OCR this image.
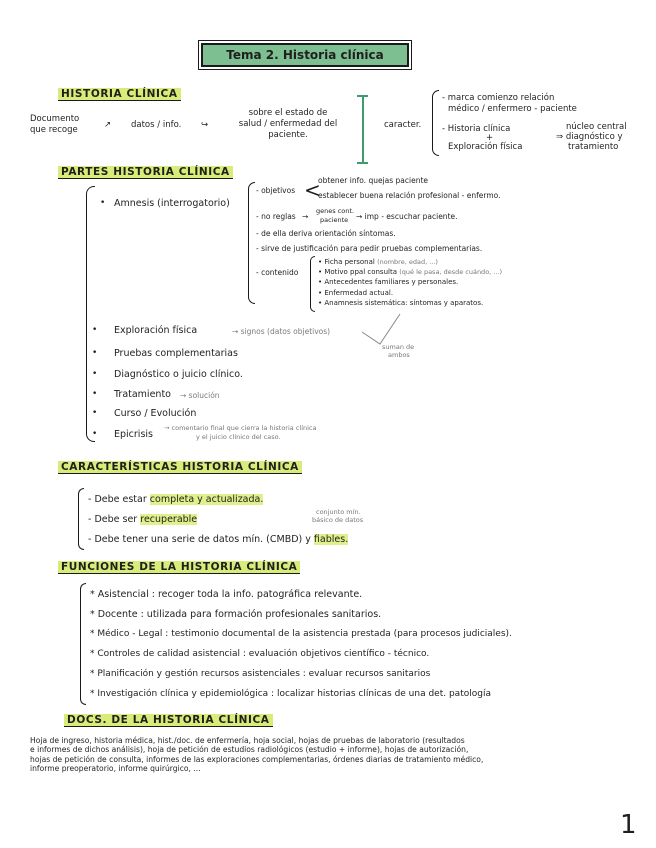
Tema 2. Historia clínica
HISTORIA CLÍNICA
Documento
que recoge	↗ datos / info. ↪
sobre el estado de
salud / enfermedad del
paciente.
caracter.
- marca comienzo relación
médico / enfermero - paciente
- Historia clínica
+
Exploración física
núcleo central
⇒ diagnóstico y
tratamiento
PARTES HISTORIA CLÍNICA
• Amnesis (interrogatorio)
- objetivos <
obtener info. quejas paciente
establecer buena relación profesional - enfermo.
- no reglas →
genes cont.
paciente → imp - escuchar paciente.
- de ella deriva orientación síntomas.
- sirve de justificación para pedir pruebas complementarias.
- contenido
• Ficha personal (nombre, edad, ...)
• Motivo ppal consulta (qué le pasa, desde cuándo, ...)
• Antecedentes familiares y personales.
• Enfermedad actual.
• Anamnesis sistemática: síntomas y aparatos.
• Exploración física	→ signos (datos objetivos)
suman de
ambos
• Pruebas complementarias
• Diagnóstico o juicio clínico.
• Tratamiento → solución
• Curso / Evolución
• Epicrisis
→ comentario final que cierra la historia clínica
y el juicio clínico del caso.
CARACTERÍSTICAS HISTORIA CLÍNICA
- Debe estar completa y actualizada.
- Debe ser recuperable
conjunto mín.
básico de datos
- Debe tener una serie de datos mín. (CMBD) y fiables.
FUNCIONES DE LA HISTORIA CLÍNICA
* Asistencial : recoger toda la info. patográfica relevante.
* Docente : utilizada para formación profesionales sanitarios.
* Médico - Legal : testimonio documental de la asistencia prestada (para procesos judiciales).
* Controles de calidad asistencial : evaluación objetivos científico - técnico.
* Planificación y gestión recursos asistenciales : evaluar recursos sanitarios
* Investigación clínica y epidemiológica : localizar historias clínicas de una det. patología
DOCS. DE LA HISTORIA CLÍNICA
Hoja de ingreso, historia médica, hist./doc. de enfermería, hoja social, hojas de pruebas de laboratorio (resultados
e informes de dichos análisis), hoja de petición de estudios radiológicos (estudio + informe), hojas de autorización,
hojas de petición de consulta, informes de las exploraciones complementarias, órdenes diarias de tratamiento médico,
informe preoperatorio, informe quirúrgico, ...
1
